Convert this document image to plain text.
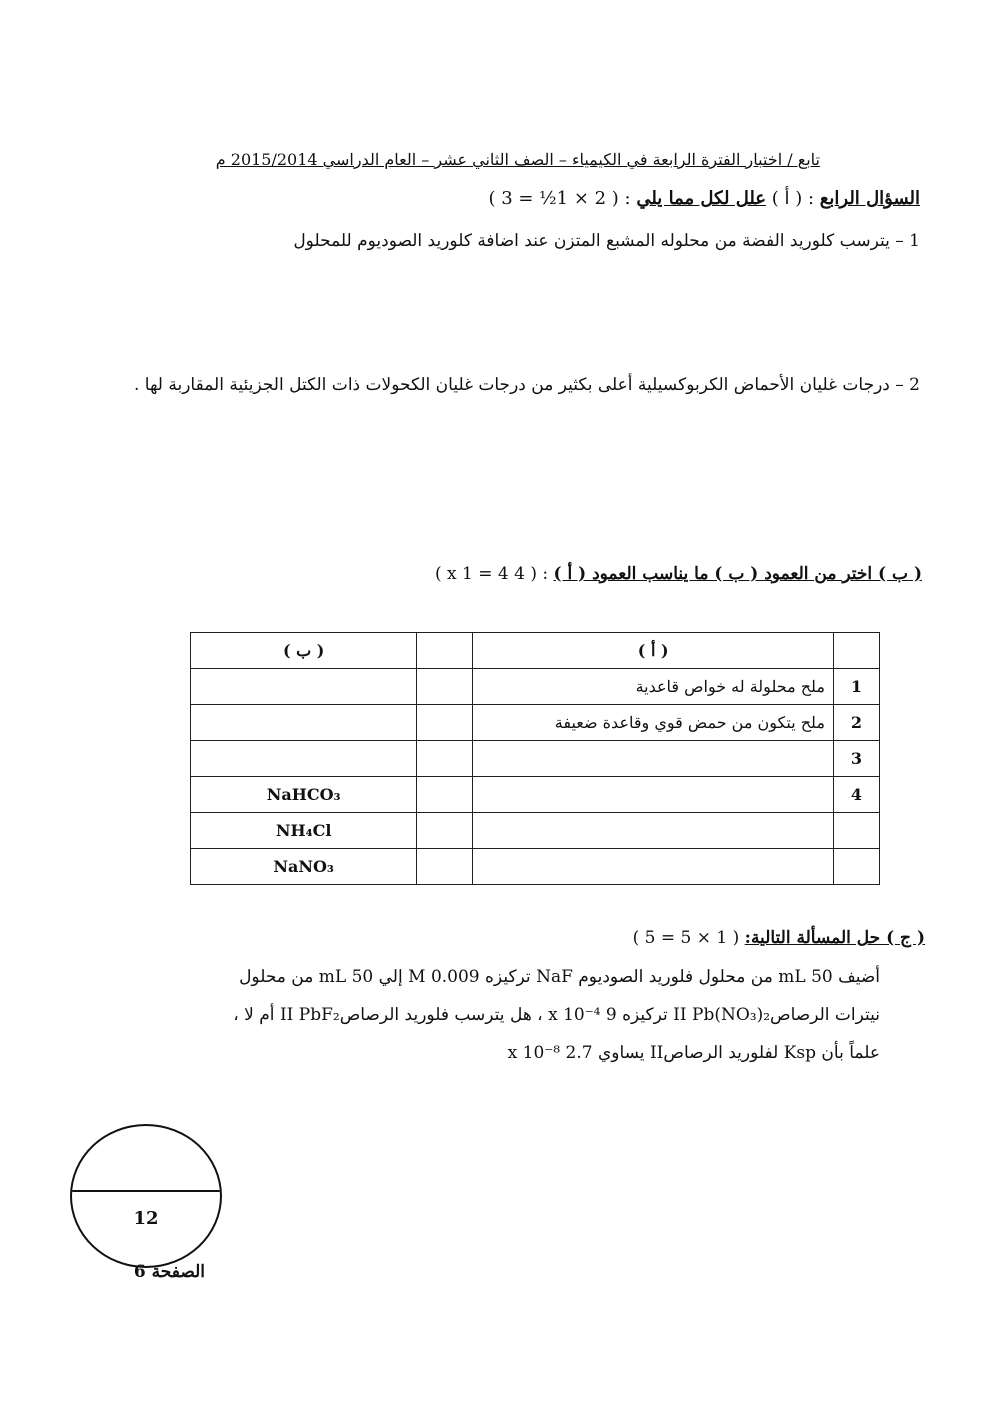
تابع / اختبار الفترة الرابعة في الكيمياء – الصف الثاني عشر – العام الدراسي 2015/2014 م
السؤال الرابع : ( أ ) علل لكل مما يلي : ( 2 × 1½ = 3 )
1 – يترسب كلوريد الفضة من محلوله المشبع المتزن عند اضافة كلوريد الصوديوم للمحلول
2 – درجات غليان الأحماض الكربوكسيلية أعلى بكثير من درجات غليان الكحولات ذات الكتل الجزيئية المقاربة لها .
( ب ) اختر من العمود ( ب ) ما يناسب العمود ( أ ) : ( 4 x 1 = 4 )
( ب )		( أ )	
		ملح محلولة له خواص قاعدية	1
		ملح يتكون من حمض قوي وقاعدة ضعيفة	2
			3
NaHCO₃			4
NH₄Cl			
NaNO₃			
( ج ) حل المسألة التالية: ( 1 × 5 = 5 )
أضيف 50 mL من محلول فلوريد الصوديوم NaF تركيزه 0.009 M إلي 50 mL من محلول
نيترات الرصاصII Pb(NO₃)₂ تركيزه 9 x 10⁻⁴ ، هل يترسب فلوريد الرصاصII PbF₂ أم لا ،
علماً بأن Ksp لفلوريد الرصاصII يساوي 2.7 x 10⁻⁸
12
الصفحة 6
